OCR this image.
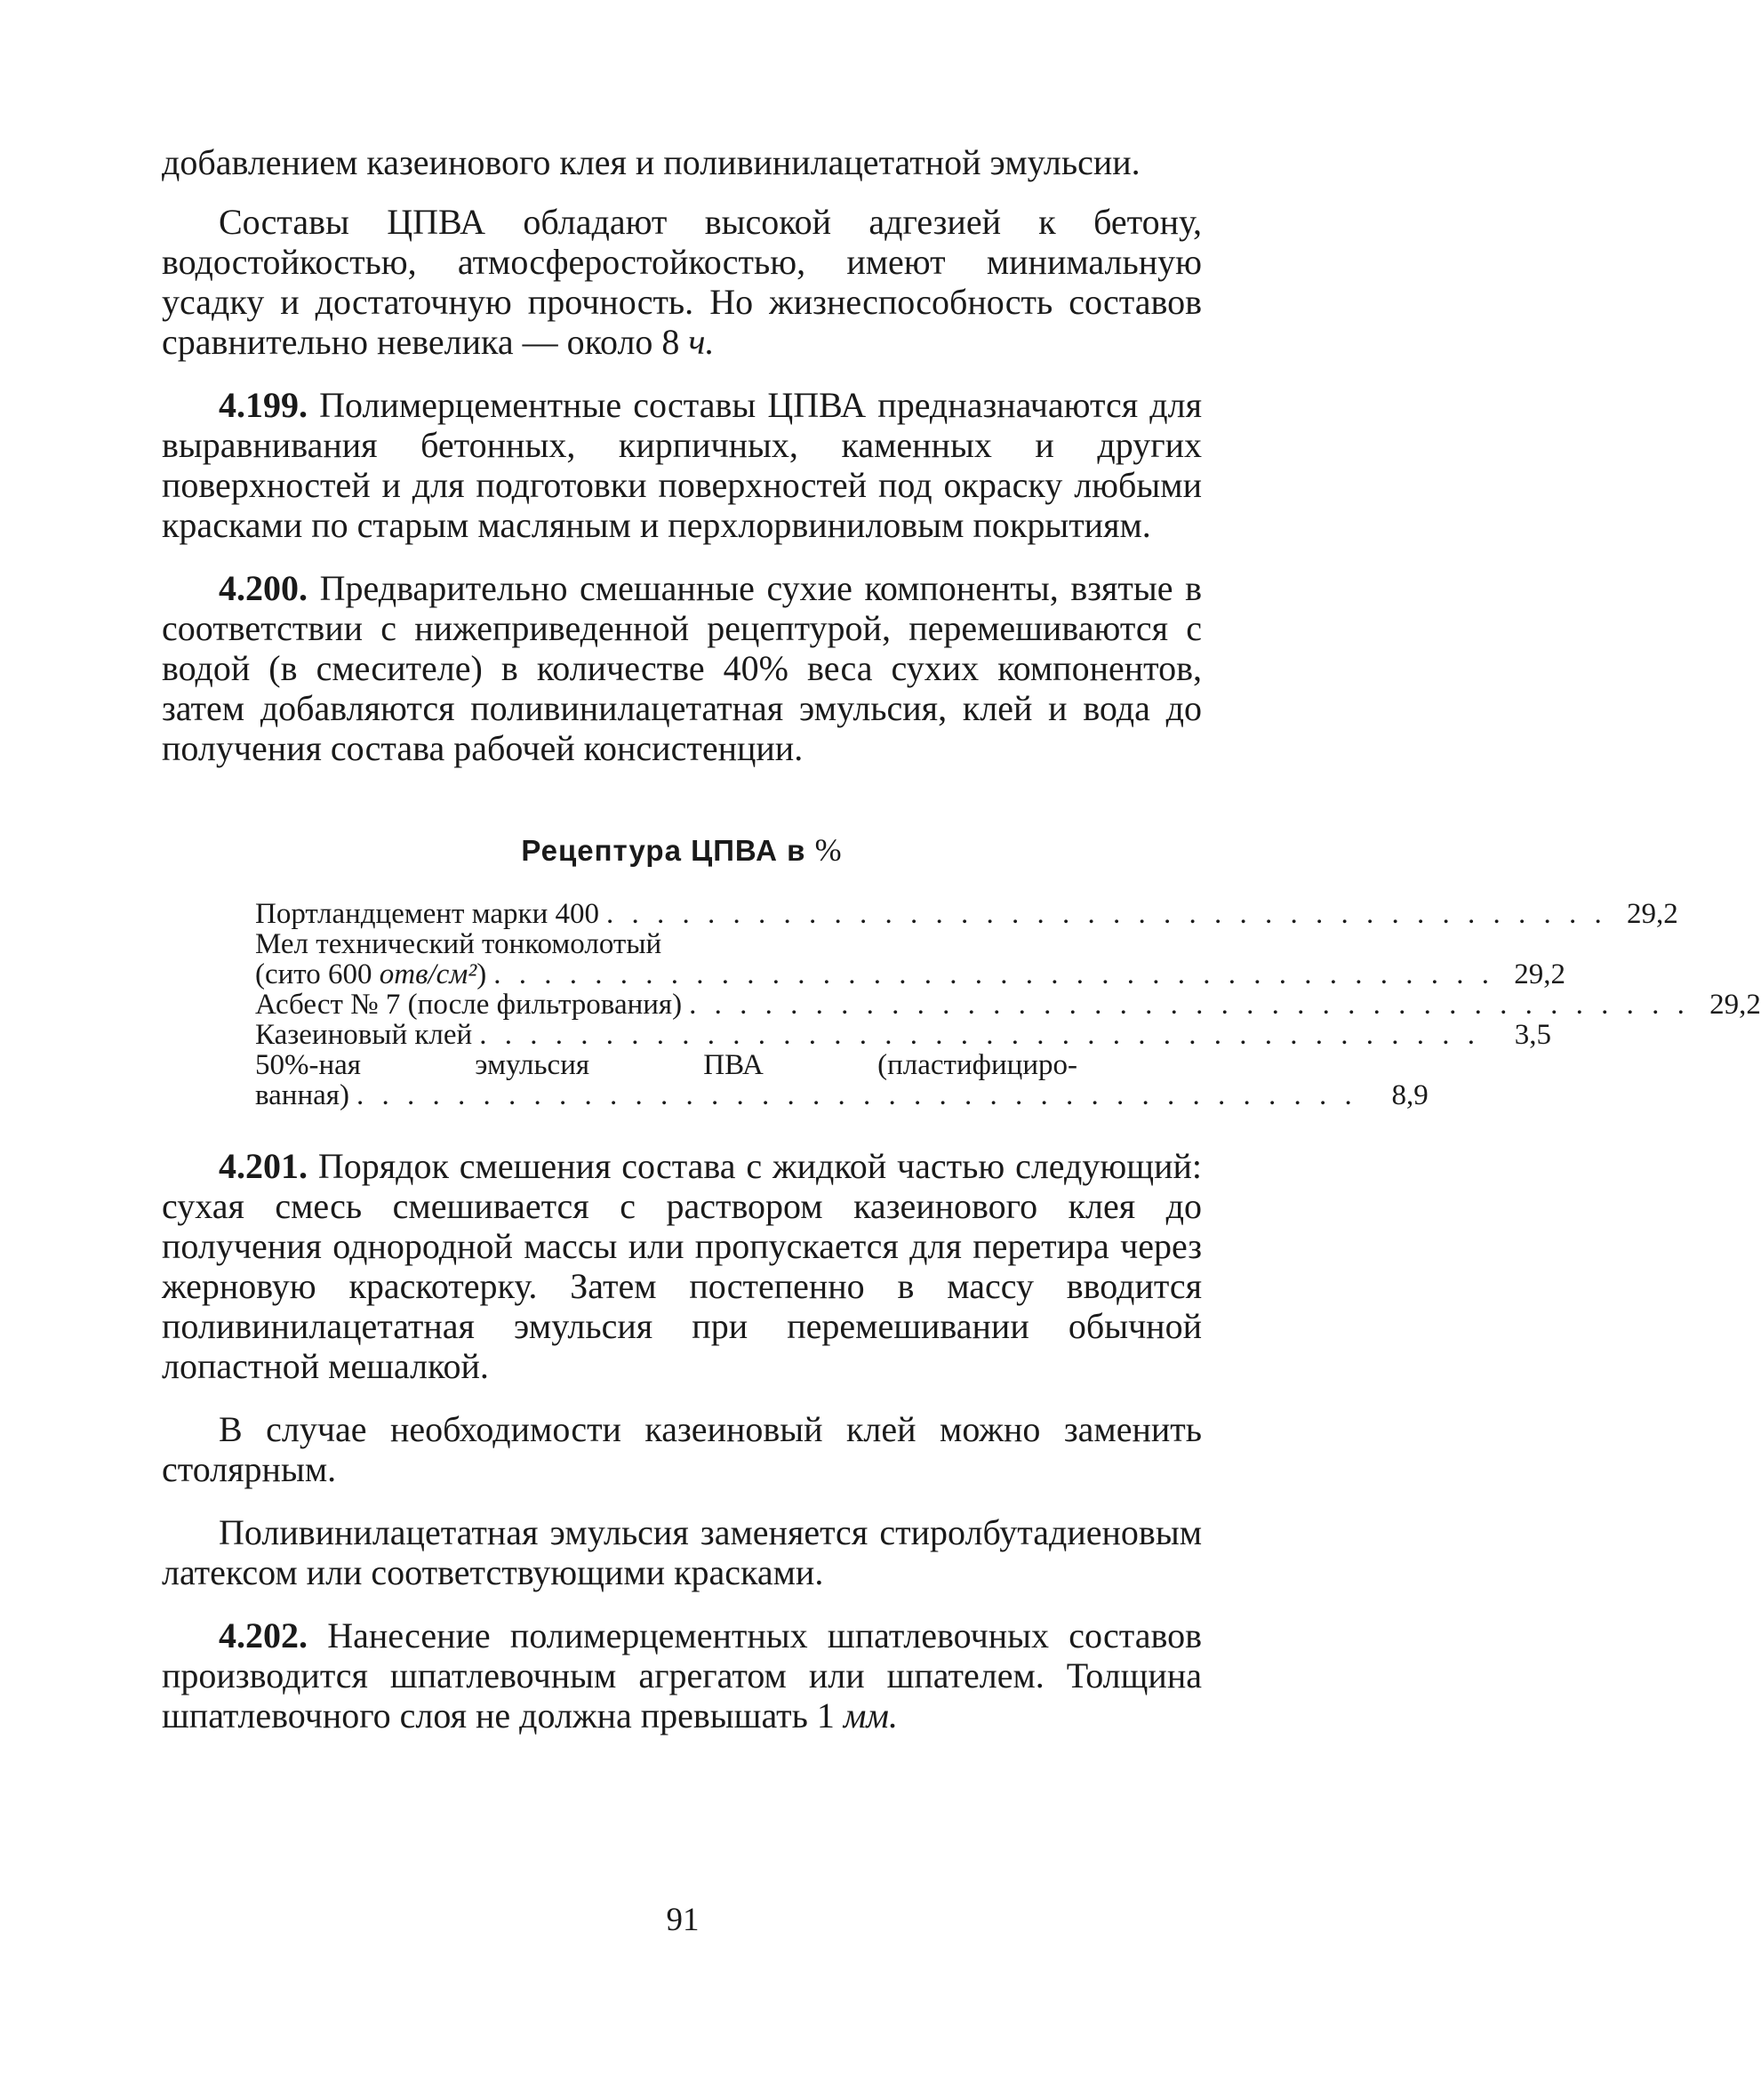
добавлением казеинового клея и поливинилацетатной эмульсии.

Составы ЦПВА обладают высокой адгезией к бетону, водостойкостью, атмосферостойкостью, имеют минимальную усадку и достаточную прочность. Но жизнеспособность составов сравнительно невелика — около 8 ч.

4.199. Полимерцементные составы ЦПВА предназначаются для выравнивания бетонных, кирпичных, каменных и других поверхностей и для подготовки поверхностей под окраску любыми красками по старым масляным и перхлорвиниловым покрытиям.

4.200. Предварительно смешанные сухие компоненты, взятые в соответствии с нижеприведенной рецептурой, перемешиваются с водой (в смесителе) в количестве 40% веса сухих компонентов, затем добавляются поливинилацетатная эмульсия, клей и вода до получения состава рабочей консистенции.

Рецептура ЦПВА в %
Портландцемент марки 400 . . . . . . . . . . . . . . . . . . . . . . . . . . . . . . . . . . . . . . . . 29,2
Мел технический тонкомолотый
(сито 600 отв/см²) . . . . . . . . . . . . . . . . . . . . . . . . . . . . . . . . . . . . . . . . 29,2
Асбест № 7 (после фильтрования) . . . . . . . . . . . . . . . . . . . . . . . . . . . . . . . . . . . . . . . . 29,2
Казеиновый клей . . . . . . . . . . . . . . . . . . . . . . . . . . . . . . . . . . . . . . . .	3,5
50%-ная эмульсия ПВА (пластифициро-
ванная) . . . . . . . . . . . . . . . . . . . . . . . . . . . . . . . . . . . . . . . .	8,9

4.201. Порядок смешения состава с жидкой частью следующий: сухая смесь смешивается с раствором казеинового клея до получения однородной массы или пропускается для перетира через жерновую краскотерку. Затем постепенно в массу вводится поливинилацетатная эмульсия при перемешивании обычной лопастной мешалкой.

В случае необходимости казеиновый клей можно заменить столярным.

Поливинилацетатная эмульсия заменяется стиролбутадиеновым латексом или соответствующими красками.

4.202. Нанесение полимерцементных шпатлевочных составов производится шпатлевочным агрегатом или шпателем. Толщина шпатлевочного слоя не должна превышать 1 мм.

91
